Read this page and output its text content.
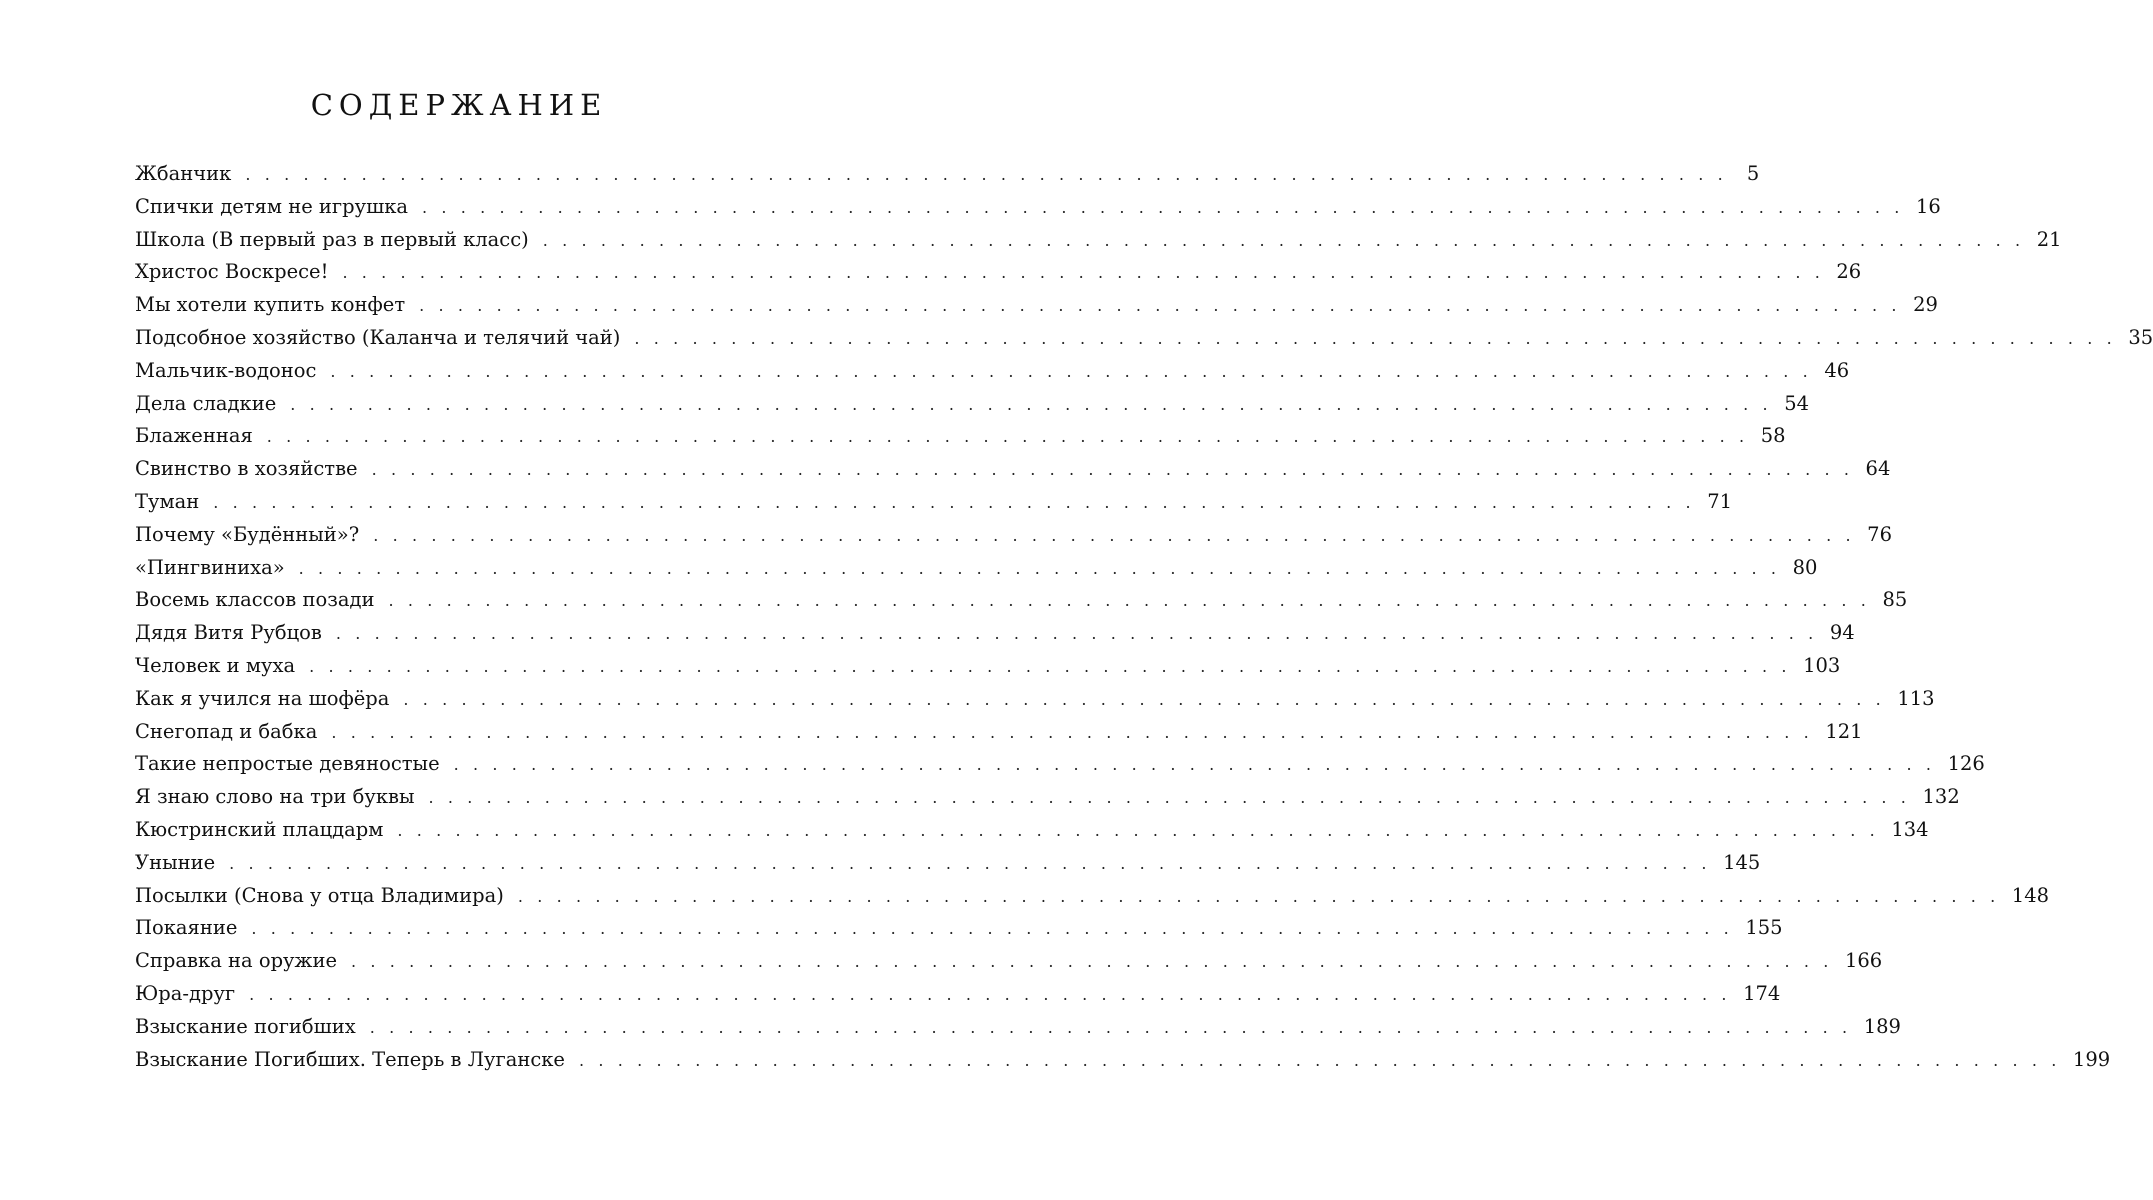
СОДЕРЖАНИЕ
Жбанчик . . . . . . . . . . . . . . . . . . . . . . . . . . . . . . . . . . . . . . . . . . . . . . . . . . . . . . . . . . . . . . . . . . . . . . . . . . . . .	5
Спички детям не игрушка . . . . . . . . . . . . . . . . . . . . . . . . . . . . . . . . . . . . . . . . . . . . . . . . . . . . . . . . . . . . . . . . . . . . . . . . . . . . . 16
Школа (В первый раз в первый класс) . . . . . . . . . . . . . . . . . . . . . . . . . . . . . . . . . . . . . . . . . . . . . . . . . . . . . . . . . . . . . . . . . . . . . . . . . . . . . 21
Христос Воскресе! . . . . . . . . . . . . . . . . . . . . . . . . . . . . . . . . . . . . . . . . . . . . . . . . . . . . . . . . . . . . . . . . . . . . . . . . . . . . . 26
Мы хотели купить конфет . . . . . . . . . . . . . . . . . . . . . . . . . . . . . . . . . . . . . . . . . . . . . . . . . . . . . . . . . . . . . . . . . . . . . . . . . . . . . 29
Подсобное хозяйство (Каланча и телячий чай) . . . . . . . . . . . . . . . . . . . . . . . . . . . . . . . . . . . . . . . . . . . . . . . . . . . . . . . . . . . . . . . . . . . . . . . . . . . . . 35
Мальчик-водонос . . . . . . . . . . . . . . . . . . . . . . . . . . . . . . . . . . . . . . . . . . . . . . . . . . . . . . . . . . . . . . . . . . . . . . . . . . . . . 46
Дела сладкие . . . . . . . . . . . . . . . . . . . . . . . . . . . . . . . . . . . . . . . . . . . . . . . . . . . . . . . . . . . . . . . . . . . . . . . . . . . . . 54
Блаженная . . . . . . . . . . . . . . . . . . . . . . . . . . . . . . . . . . . . . . . . . . . . . . . . . . . . . . . . . . . . . . . . . . . . . . . . . . . . . 58
Свинство в хозяйстве . . . . . . . . . . . . . . . . . . . . . . . . . . . . . . . . . . . . . . . . . . . . . . . . . . . . . . . . . . . . . . . . . . . . . . . . . . . . . 64
Туман . . . . . . . . . . . . . . . . . . . . . . . . . . . . . . . . . . . . . . . . . . . . . . . . . . . . . . . . . . . . . . . . . . . . . . . . . . . . . 71
Почему «Будённый»? . . . . . . . . . . . . . . . . . . . . . . . . . . . . . . . . . . . . . . . . . . . . . . . . . . . . . . . . . . . . . . . . . . . . . . . . . . . . . 76
«Пингвиниха» . . . . . . . . . . . . . . . . . . . . . . . . . . . . . . . . . . . . . . . . . . . . . . . . . . . . . . . . . . . . . . . . . . . . . . . . . . . . . 80
Восемь классов позади . . . . . . . . . . . . . . . . . . . . . . . . . . . . . . . . . . . . . . . . . . . . . . . . . . . . . . . . . . . . . . . . . . . . . . . . . . . . . 85
Дядя Витя Рубцов . . . . . . . . . . . . . . . . . . . . . . . . . . . . . . . . . . . . . . . . . . . . . . . . . . . . . . . . . . . . . . . . . . . . . . . . . . . . . 94
Человек и муха . . . . . . . . . . . . . . . . . . . . . . . . . . . . . . . . . . . . . . . . . . . . . . . . . . . . . . . . . . . . . . . . . . . . . . . . . . . . . 103
Как я учился на шофёра . . . . . . . . . . . . . . . . . . . . . . . . . . . . . . . . . . . . . . . . . . . . . . . . . . . . . . . . . . . . . . . . . . . . . . . . . . . . . 113
Снегопад и бабка . . . . . . . . . . . . . . . . . . . . . . . . . . . . . . . . . . . . . . . . . . . . . . . . . . . . . . . . . . . . . . . . . . . . . . . . . . . . . 121
Такие непростые девяностые . . . . . . . . . . . . . . . . . . . . . . . . . . . . . . . . . . . . . . . . . . . . . . . . . . . . . . . . . . . . . . . . . . . . . . . . . . . . . 126
Я знаю слово на три буквы . . . . . . . . . . . . . . . . . . . . . . . . . . . . . . . . . . . . . . . . . . . . . . . . . . . . . . . . . . . . . . . . . . . . . . . . . . . . . 132
Кюстринский плацдарм . . . . . . . . . . . . . . . . . . . . . . . . . . . . . . . . . . . . . . . . . . . . . . . . . . . . . . . . . . . . . . . . . . . . . . . . . . . . . 134
Уныние . . . . . . . . . . . . . . . . . . . . . . . . . . . . . . . . . . . . . . . . . . . . . . . . . . . . . . . . . . . . . . . . . . . . . . . . . . . . . 145
Посылки (Снова у отца Владимира) . . . . . . . . . . . . . . . . . . . . . . . . . . . . . . . . . . . . . . . . . . . . . . . . . . . . . . . . . . . . . . . . . . . . . . . . . . . . . 148
Покаяние . . . . . . . . . . . . . . . . . . . . . . . . . . . . . . . . . . . . . . . . . . . . . . . . . . . . . . . . . . . . . . . . . . . . . . . . . . . . . 155
Справка на оружие . . . . . . . . . . . . . . . . . . . . . . . . . . . . . . . . . . . . . . . . . . . . . . . . . . . . . . . . . . . . . . . . . . . . . . . . . . . . . 166
Юра-друг . . . . . . . . . . . . . . . . . . . . . . . . . . . . . . . . . . . . . . . . . . . . . . . . . . . . . . . . . . . . . . . . . . . . . . . . . . . . . 174
Взыскание погибших . . . . . . . . . . . . . . . . . . . . . . . . . . . . . . . . . . . . . . . . . . . . . . . . . . . . . . . . . . . . . . . . . . . . . . . . . . . . . 189
Взыскание Погибших. Теперь в Луганске . . . . . . . . . . . . . . . . . . . . . . . . . . . . . . . . . . . . . . . . . . . . . . . . . . . . . . . . . . . . . . . . . . . . . . . . . . . . . 199
